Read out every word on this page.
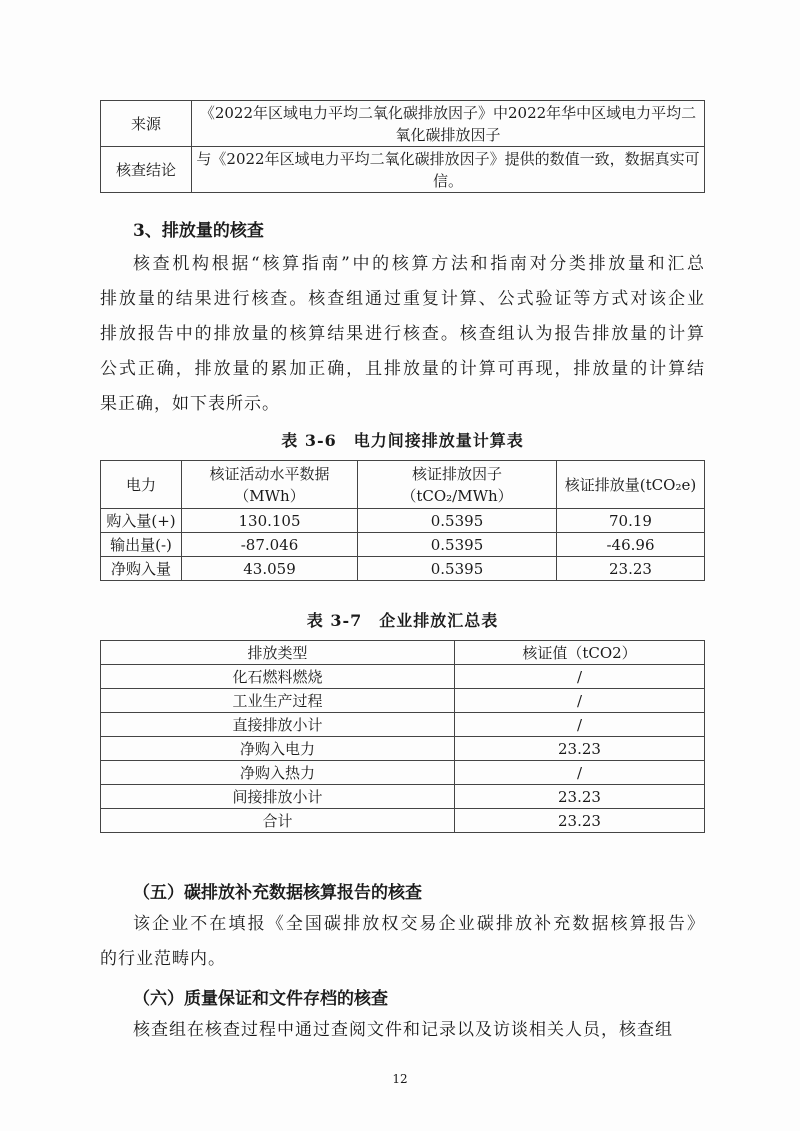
来源	《2022年区域电力平均二氧化碳排放因子》中2022年华中区域电力平均二氧化碳排放因子
核查结论	与《2022年区域电力平均二氧化碳排放因子》提供的数值一致，数据真实可信。
3、排放量的核查
核查机构根据“核算指南”中的核算方法和指南对分类排放量和汇总
排放量的结果进行核查。核查组通过重复计算、公式验证等方式对该企业
排放报告中的排放量的核算结果进行核查。核查组认为报告排放量的计算
公式正确，排放量的累加正确，且排放量的计算可再现，排放量的计算结
果正确，如下表所示。
表 3-6　电力间接排放量计算表
电力	核证活动水平数据（MWh）	核证排放因子（tCO₂/MWh）	核证排放量(tCO₂e)
购入量(+)	130.105	0.5395	70.19
输出量(-)	-87.046	0.5395	-46.96
净购入量	43.059	0.5395	23.23
表 3-7　企业排放汇总表
排放类型	核证值（tCO2）
化石燃料燃烧	/
工业生产过程	/
直接排放小计	/
净购入电力	23.23
净购入热力	/
间接排放小计	23.23
合计	23.23
（五）碳排放补充数据核算报告的核查
该企业不在填报《全国碳排放权交易企业碳排放补充数据核算报告》
的行业范畴内。
（六）质量保证和文件存档的核查
核查组在核查过程中通过查阅文件和记录以及访谈相关人员，核查组
12
